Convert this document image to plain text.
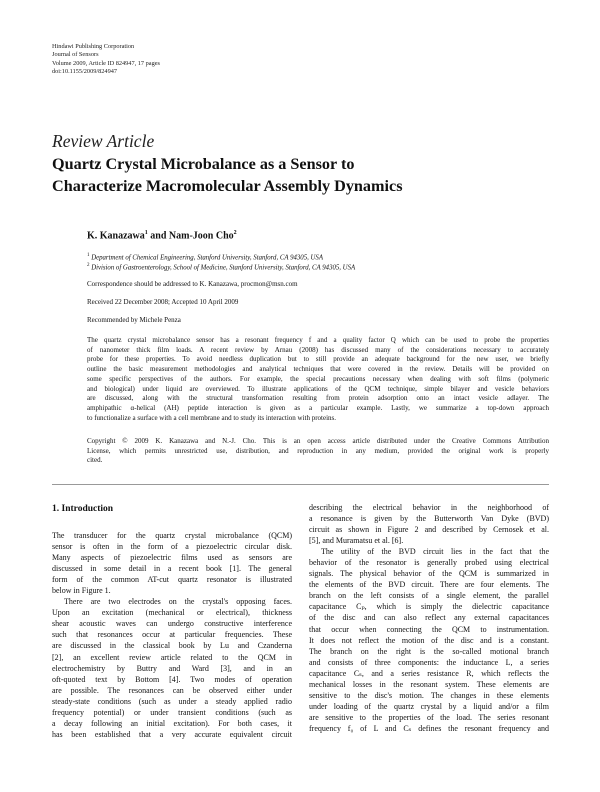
Hindawi Publishing Corporation
Journal of Sensors
Volume 2009, Article ID 824947, 17 pages
doi:10.1155/2009/824947
Review Article
Quartz Crystal Microbalance as a Sensor to
Characterize Macromolecular Assembly Dynamics
K. Kanazawa$^1$ and Nam-Joon Cho$^2$
$^1$ Department of Chemical Engineering, Stanford University, Stanford, CA 94305, USA
$^2$ Division of Gastroenterology, School of Medicine, Stanford University, Stanford, CA 94305, USA
Correspondence should be addressed to K. Kanazawa, procmon@msn.com
Received 22 December 2008; Accepted 10 April 2009
Recommended by Michele Penza
The quartz crystal microbalance sensor has a resonant frequency f and a quality factor Q which can be used to probe the properties
of nanometer thick film loads. A recent review by Arnau (2008) has discussed many of the considerations necessary to accurately
probe for these properties. To avoid needless duplication but to still provide an adequate background for the new user, we briefly
outline the basic measurement methodologies and analytical techniques that were covered in the review. Details will be provided on
some specific perspectives of the authors. For example, the special precautions necessary when dealing with soft films (polymeric
and biological) under liquid are overviewed. To illustrate applications of the QCM technique, simple bilayer and vesicle behaviors
are discussed, along with the structural transformation resulting from protein adsorption onto an intact vesicle adlayer. The
amphipathic α-helical (AH) peptide interaction is given as a particular example. Lastly, we summarize a top-down approach
to functionalize a surface with a cell membrane and to study its interaction with proteins.
Copyright © 2009 K. Kanazawa and N.-J. Cho. This is an open access article distributed under the Creative Commons Attribution
License, which permits unrestricted use, distribution, and reproduction in any medium, provided the original work is properly
cited.
1. Introduction
The transducer for the quartz crystal microbalance (QCM)
sensor is often in the form of a piezoelectric circular disk.
Many aspects of piezoelectric films used as sensors are
discussed in some detail in a recent book [1]. The general
form of the common AT-cut quartz resonator is illustrated
below in Figure 1.
There are two electrodes on the crystal's opposing faces.
Upon an excitation (mechanical or electrical), thickness
shear acoustic waves can undergo constructive interference
such that resonances occur at particular frequencies. These
are discussed in the classical book by Lu and Czanderna
[2], an excellent review article related to the QCM in
electrochemistry by Buttry and Ward [3], and in an
oft-quoted text by Bottom [4]. Two modes of operation
are possible. The resonances can be observed either under
steady-state conditions (such as under a steady applied radio
frequency potential) or under transient conditions (such as
a decay following an initial excitation). For both cases, it
has been established that a very accurate equivalent circuit
describing the electrical behavior in the neighborhood of
a resonance is given by the Butterworth Van Dyke (BVD)
circuit as shown in Figure 2 and described by Cernosek et al.
[5], and Muramatsu et al. [6].
The utility of the BVD circuit lies in the fact that the
behavior of the resonator is generally probed using electrical
signals. The physical behavior of the QCM is summarized in
the elements of the BVD circuit. There are four elements. The
branch on the left consists of a single element, the parallel
capacitance Cₚ, which is simply the dielectric capacitance
of the disc and can also reflect any external capacitances
that occur when connecting the QCM to instrumentation.
It does not reflect the motion of the disc and is a constant.
The branch on the right is the so-called motional branch
and consists of three components: the inductance L, a series
capacitance Cₛ, and a series resistance R, which reflects the
mechanical losses in the resonant system. These elements are
sensitive to the disc's motion. The changes in these elements
under loading of the quartz crystal by a liquid and/or a film
are sensitive to the properties of the load. The series resonant
frequency f₀ of L and Cₛ defines the resonant frequency and
